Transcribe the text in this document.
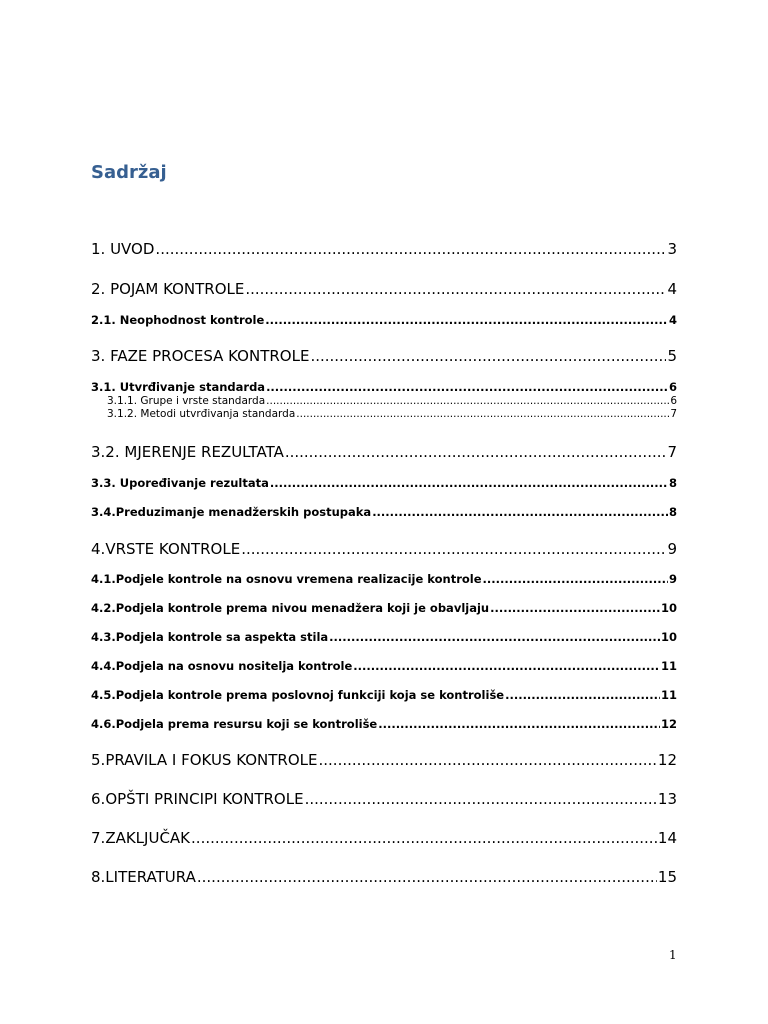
Sadržaj
1. UVOD .....	3
2. POJAM KONTROLE .....	4
2.1. Neophodnost kontrole .....	4
3. FAZE PROCESA KONTROLE .....	5
3.1. Utvrđivanje standarda .....	6
3.1.1. Grupe i vrste standarda .....	6
3.1.2. Metodi utvrđivanja standarda .....	7
3.2. MJERENJE REZULTATA .....	7
3.3. Upoređivanje rezultata .....	8
3.4.Preduzimanje menadžerskih postupaka .....	8
4. VRSTE KONTROLE .....	9
4.1. Podjele kontrole na osnovu vremena realizacije kontrole .....	9
4.2. Podjela kontrole prema nivou menadžera koji je obavljaju .....	10
4.3. Podjela kontrole sa aspekta stila .....	10
4.4. Podjela na osnovu nositelja kontrole .....	11
4.5. Podjela kontrole prema poslovnoj funkciji koja se kontroliše .....	11
4.6. Podjela prema resursu koji se kontroliše .....	12
5. PRAVILA I FOKUS KONTROLE .....	12
6. OPŠTI PRINCIPI KONTROLE .....	13
7. ZAKLJUČAK .....	14
8.LITERATURA .....	15
1
